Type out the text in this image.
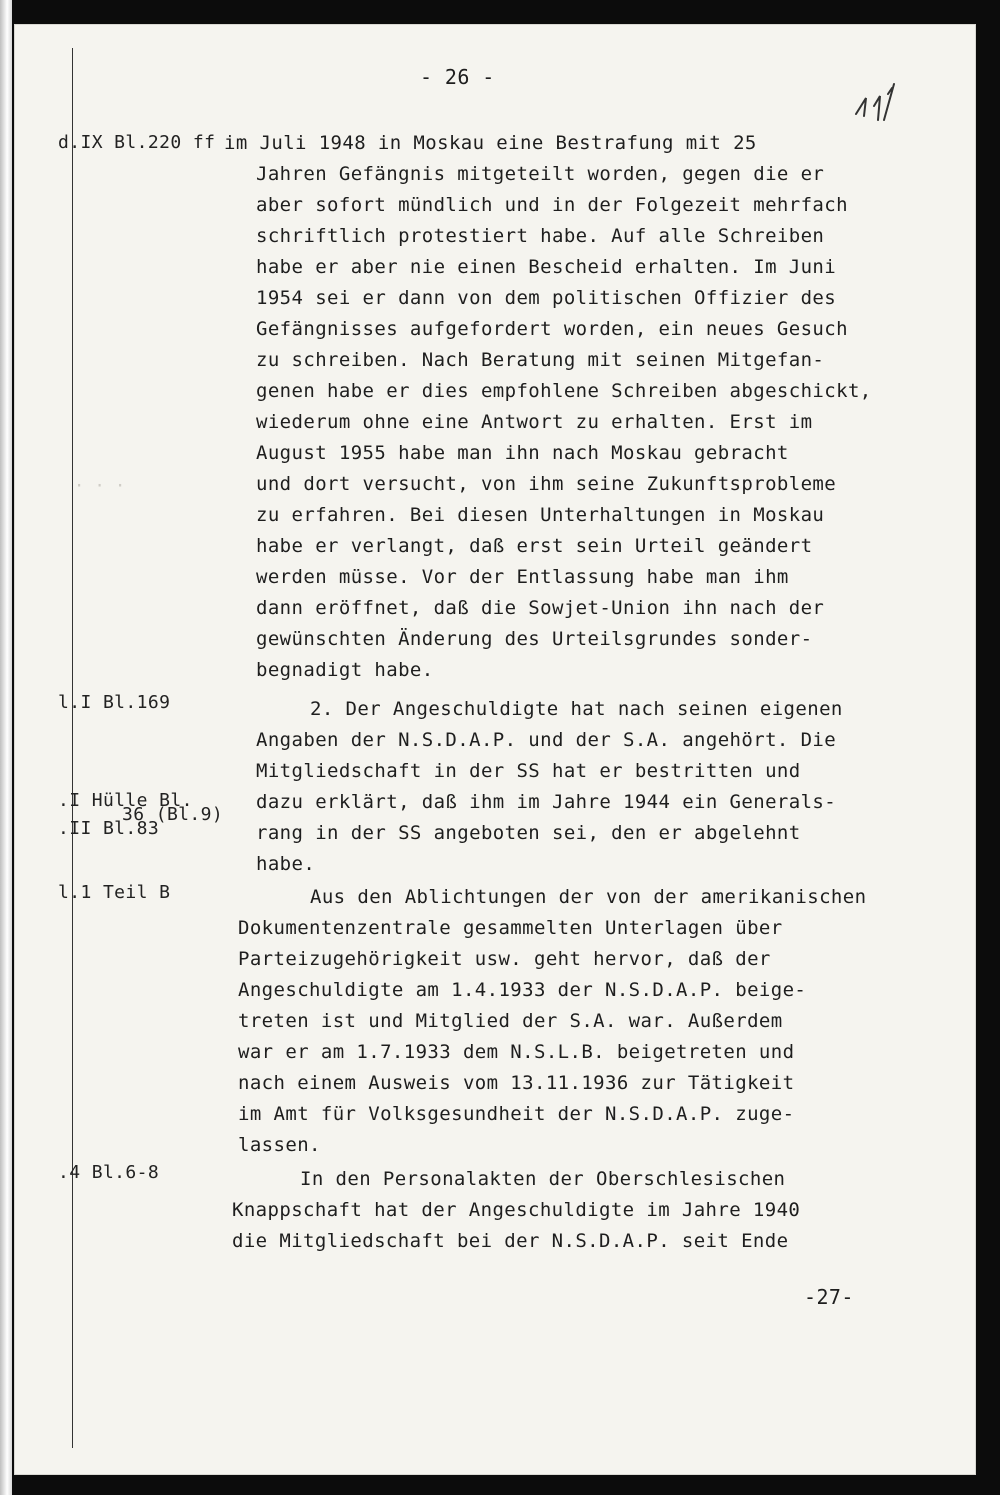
· · ·
- 26 -
d.IX Bl.220 ff
l.I Bl.169
.I Hülle Bl.
36 (Bl.9)
.II Bl.83
l.1 Teil B
.4 Bl.6-8
im Juli 1948 in Moskau eine Bestrafung mit 25
Jahren Gefängnis mitgeteilt worden, gegen die er
aber sofort mündlich und in der Folgezeit mehrfach
schriftlich protestiert habe. Auf alle Schreiben
habe er aber nie einen Bescheid erhalten. Im Juni
1954 sei er dann von dem politischen Offizier des
Gefängnisses aufgefordert worden, ein neues Gesuch
zu schreiben. Nach Beratung mit seinen Mitgefan-
genen habe er dies empfohlene Schreiben abgeschickt,
wiederum ohne eine Antwort zu erhalten. Erst im
August 1955 habe man ihn nach Moskau gebracht
und dort versucht, von ihm seine Zukunftsprobleme
zu erfahren. Bei diesen Unterhaltungen in Moskau
habe er verlangt, daß erst sein Urteil geändert
werden müsse. Vor der Entlassung habe man ihm
dann eröffnet, daß die Sowjet-Union ihn nach der
gewünschten Änderung des Urteilsgrundes sonder-
begnadigt habe.
2. Der Angeschuldigte hat nach seinen eigenen
Angaben der N.S.D.A.P. und der S.A. angehört. Die
Mitgliedschaft in der SS hat er bestritten und
dazu erklärt, daß ihm im Jahre 1944 ein Generals-
rang in der SS angeboten sei, den er abgelehnt
habe.
Aus den Ablichtungen der von der amerikanischen
Dokumentenzentrale gesammelten Unterlagen über
Parteizugehörigkeit usw. geht hervor, daß der
Angeschuldigte am 1.4.1933 der N.S.D.A.P. beige-
treten ist und Mitglied der S.A. war. Außerdem
war er am 1.7.1933 dem N.S.L.B. beigetreten und
nach einem Ausweis vom 13.11.1936 zur Tätigkeit
im Amt für Volksgesundheit der N.S.D.A.P. zuge-
lassen.
In den Personalakten der Oberschlesischen
Knappschaft hat der Angeschuldigte im Jahre 1940
die Mitgliedschaft bei der N.S.D.A.P. seit Ende
-27-
